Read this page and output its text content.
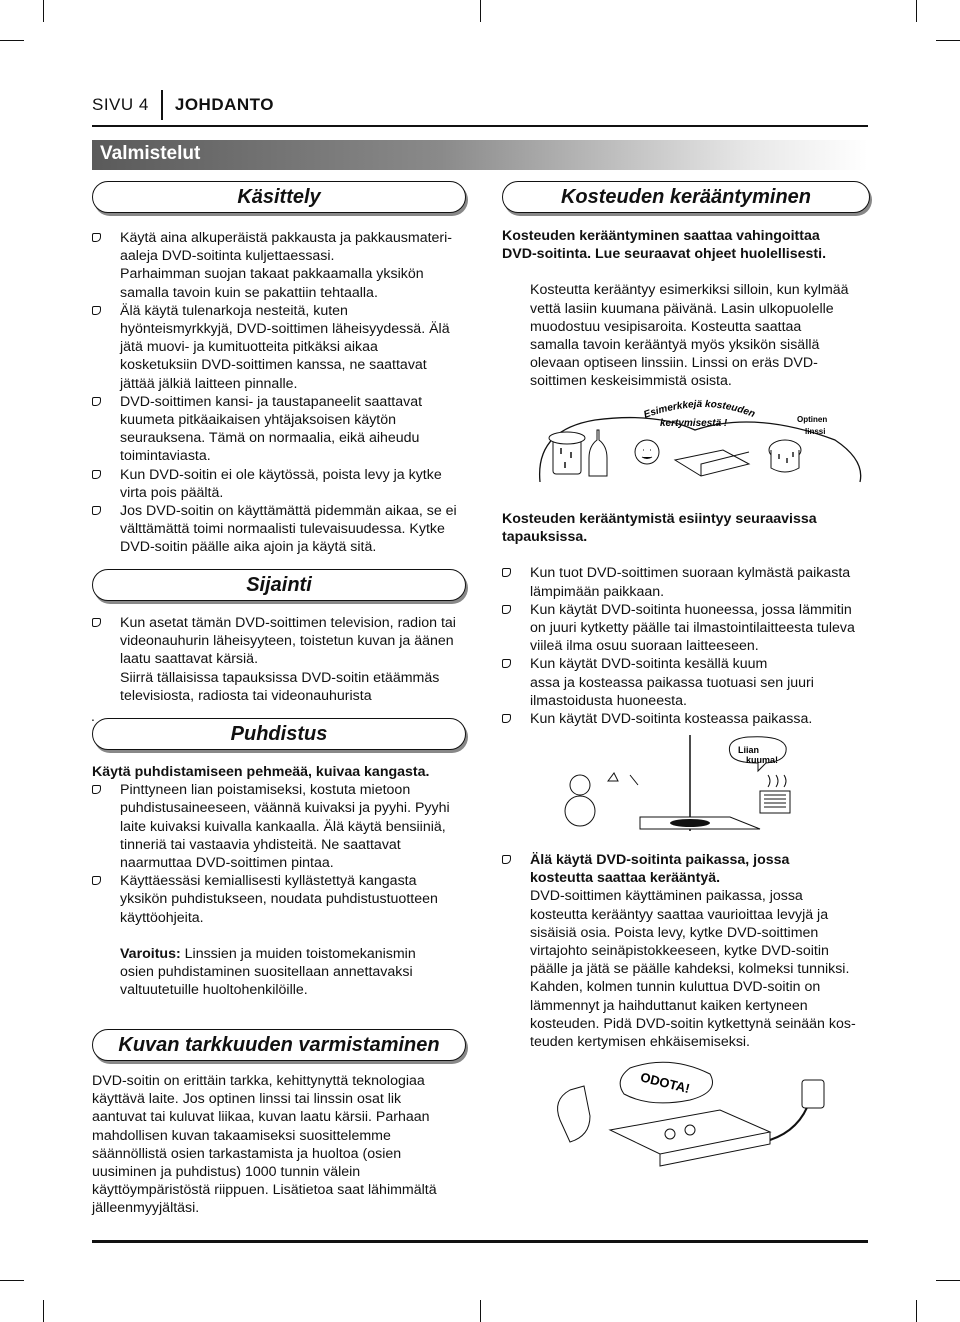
SIVU 4 JOHDANTO
Valmistelut
Käsittely

Käytä aina alkuperäistä pakkausta ja pakkausmateri-

aaleja DVD-soitinta kuljettaessasi.

Parhaimman suojan takaat pakkaamalla yksikön

samalla tavoin kuin se pakattiin tehtaalla.

Älä käytä tulenarkoja nesteitä, kuten

hyönteismyrkkyjä, DVD-soittimen läheisyydessä. Älä

jätä muovi- ja kumituotteita pitkäksi aikaa

kosketuksiin DVD-soittimen kanssa, ne saattavat

jättää jälkiä laitteen pinnalle.

DVD-soittimen kansi- ja taustapaneelit saattavat

kuumeta pitkäaikaisen yhtäjaksoisen käytön

seurauksena. Tämä on normaalia, eikä aiheudu

toimintaviasta.

Kun DVD-soitin ei ole käytössä, poista levy ja kytke

virta pois päältä.

Jos DVD-soitin on käyttämättä pidemmän aikaa, se ei

välttämättä toimi normaalisti tulevaisuudessa. Kytke

DVD-soitin päälle aika ajoin ja käytä sitä.

Sijainti

Kun asetat tämän DVD-soittimen television, radion tai

videonauhurin läheisyyteen, toistetun kuvan ja äänen

laatu saattavat kärsiä.

Siirrä tällaisissa tapauksissa DVD-soitin etäämmäs

televisiosta, radiosta tai videonauhurista

.
Puhdistus

Käytä puhdistamiseen pehmeää, kuivaa kangasta.

Pinttyneen lian poistamiseksi, kostuta mietoon

puhdistusaineeseen, väännä kuivaksi ja pyyhi. Pyyhi

laite kuivaksi kuivalla kankaalla. Älä käytä bensiiniä,

tinneriä tai vastaavia yhdisteitä. Ne saattavat

naarmuttaa DVD-soittimen pintaa.

Käyttäessäsi kemiallisesti kyllästettyä kangasta

yksikön puhdistukseen, noudata puhdistustuotteen

käyttöohjeita.

Varoitus: Linssien ja muiden toistomekanismin

osien puhdistaminen suositellaan annettavaksi

valtuutetuille huoltohenkilöille.

Kuvan tarkkuuden varmistaminen

DVD-soitin on erittäin tarkka, kehittynyttä teknologiaa

käyttävä laite. Jos optinen linssi tai linssin osat lik

aantuvat tai kuluvat liikaa, kuvan laatu kärsii. Parhaan

mahdollisen kuvan takaamiseksi suosittelemme

säännöllistä osien tarkastamista ja huoltoa (osien

uusiminen ja puhdistus) 1000 tunnin välein

käyttöympäristöstä riippuen. Lisätietoa saat lähimmältä

jälleenmyyjältäsi.

Kosteuden kerääntyminen

Kosteuden kerääntyminen saattaa vahingoittaa

DVD-soitinta. Lue seuraavat ohjeet huolellisesti.

Kosteutta kerääntyy esimerkiksi silloin, kun kylmää

vettä lasiin kuumana päivänä. Lasin ulkopuolelle

muodostuu vesipisaroita. Kosteutta saattaa

samalla tavoin kerääntyä myös yksikön sisällä

olevaan optiseen linssiin. Linssi on eräs DVD-

soittimen keskeisimmistä osista.

Esimerkkejä kosteuden
kertymisestä !	Optinen
linssi

Kosteuden kerääntymistä esiintyy seuraavissa

tapauksissa.

Kun tuot DVD-soittimen suoraan kylmästä paikasta

lämpimään paikkaan.

Kun käytät DVD-soitinta huoneessa, jossa lämmitin

on juuri kytketty päälle tai ilmastointilaitteesta tuleva

viileä ilma osuu suoraan laitteeseen.

Kun käytät DVD-soitinta kesällä kuum

assa ja kosteassa paikassa tuotuasi sen juuri

ilmastoidusta huoneesta.

Kun käytät DVD-soitinta kosteassa paikassa.

Liian
kuuma!

Älä käytä DVD-soitinta paikassa, jossa

kosteutta saattaa kerääntyä.

DVD-soittimen käyttäminen paikassa, jossa

kosteutta kerääntyy saattaa vaurioittaa levyjä ja

sisäisiä osia. Poista levy, kytke DVD-soittimen

virtajohto seinäpistokkeeseen, kytke DVD-soitin

päälle ja jätä se päälle kahdeksi, kolmeksi tunniksi.

Kahden, kolmen tunnin kuluttua DVD-soitin on

lämmennyt ja haihduttanut kaiken kertyneen

kosteuden. Pidä DVD-soitin kytkettynä seinään kos-

teuden kertymisen ehkäisemiseksi.

ODOTA!
